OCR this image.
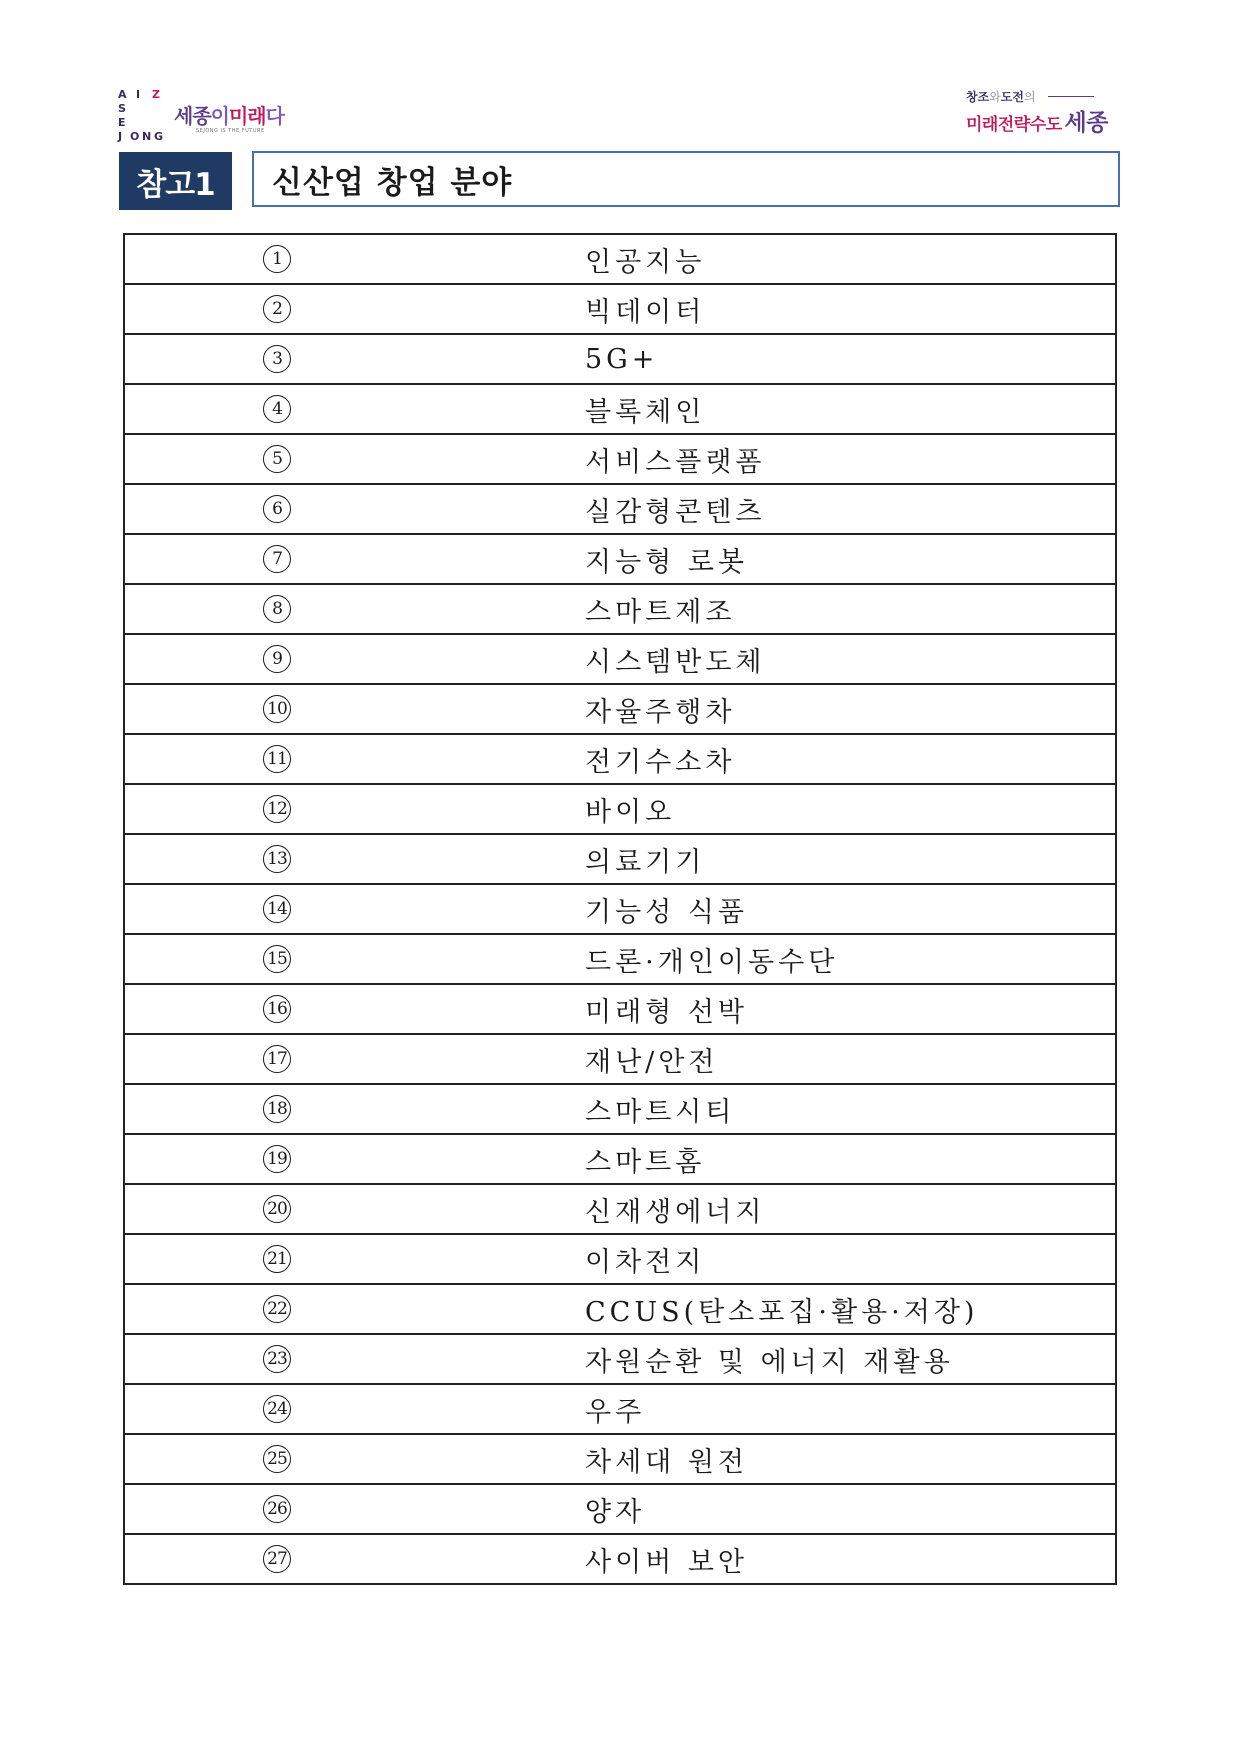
A I Z
S
E
J O N G
세종이미래다
SEJONG IS THE FUTURE
창조와도전의
미래전략수도 세종
참고1	신산업 창업 분야
1	인공지능
2	빅데이터
3	5G+
4	블록체인
5	서비스플랫폼
6	실감형콘텐츠
7	지능형 로봇
8	스마트제조
9	시스템반도체
10	자율주행차
11	전기수소차
12	바이오
13	의료기기
14	기능성 식품
15	드론·개인이동수단
16	미래형 선박
17	재난/안전
18	스마트시티
19	스마트홈
20	신재생에너지
21	이차전지
22	CCUS(탄소포집·활용·저장)
23	자원순환 및 에너지 재활용
24	우주
25	차세대 원전
26	양자
27	사이버 보안
